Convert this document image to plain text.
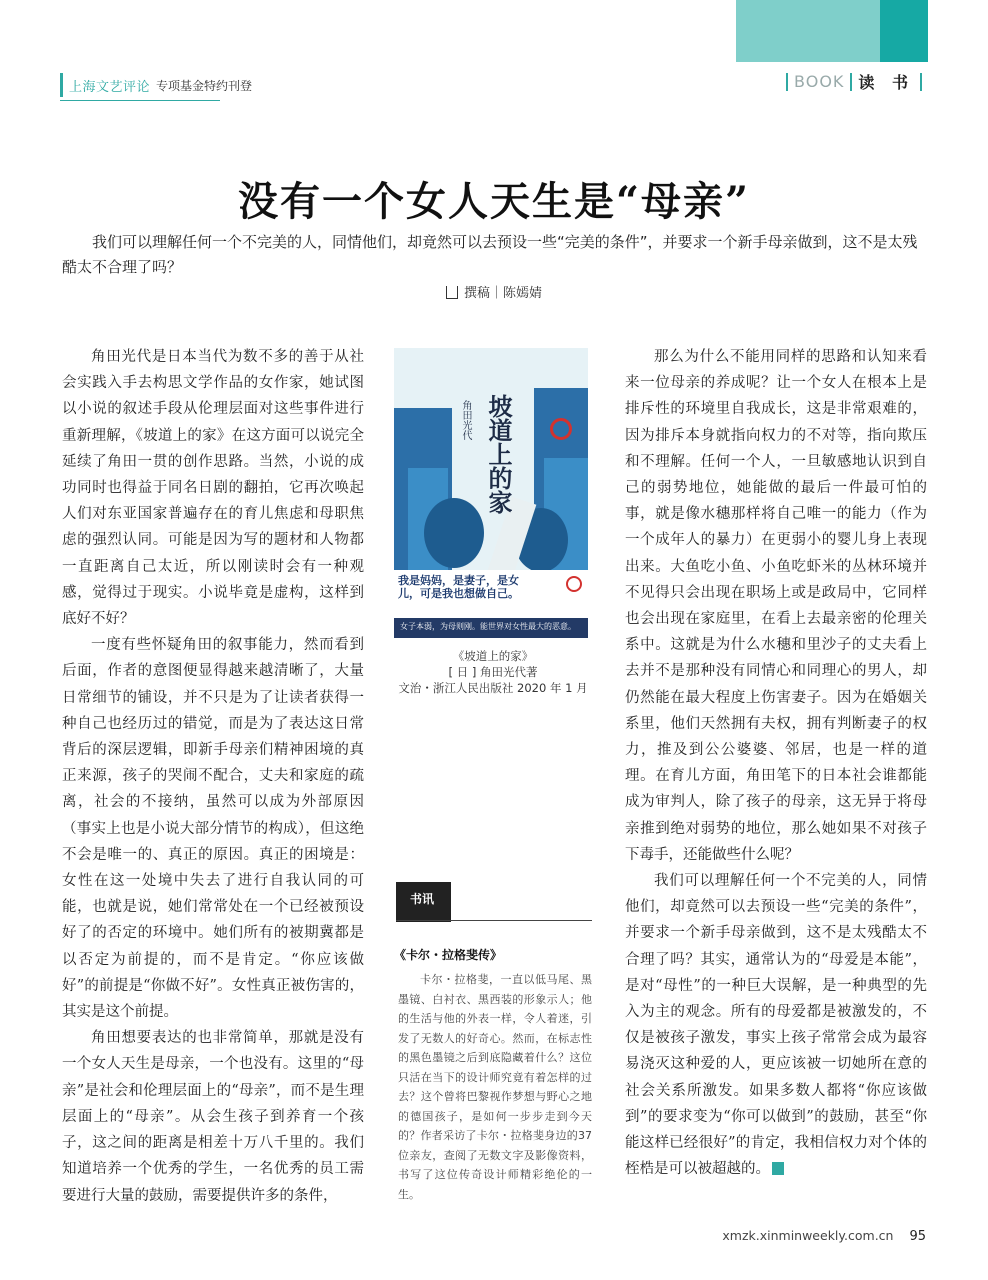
上海文艺评论 专项基金特约刊登	BOOK 读 书
没有一个女人天生是“母亲”
我们可以理解任何一个不完美的人，同情他们，却竟然可以去预设一些“完美的条件”，并要求一个新手母亲做到，这不是太残酷太不合理了吗？
撰稿｜陈嫣婧

角田光代是日本当代为数不多的善于从社会实践入手去构思文学作品的女作家，她试图以小说的叙述手段从伦理层面对这些事件进行重新理解，《坡道上的家》在这方面可以说完全延续了角田一贯的创作思路。当然，小说的成功同时也得益于同名日剧的翻拍，它再次唤起人们对东亚国家普遍存在的育儿焦虑和母职焦虑的强烈认同。可能是因为写的题材和人物都一直距离自己太近，所以刚读时会有一种观感，觉得过于现实。小说毕竟是虚构，这样到底好不好？

一度有些怀疑角田的叙事能力，然而看到后面，作者的意图便显得越来越清晰了，大量日常细节的铺设，并不只是为了让读者获得一种自己也经历过的错觉，而是为了表达这日常背后的深层逻辑，即新手母亲们精神困境的真正来源，孩子的哭闹不配合，丈夫和家庭的疏离，社会的不接纳，虽然可以成为外部原因（事实上也是小说大部分情节的构成），但这绝不会是唯一的、真正的原因。真正的困境是：女性在这一处境中失去了进行自我认同的可能，也就是说，她们常常处在一个已经被预设好了的否定的环境中。她们所有的被期冀都是以否定为前提的，而不是肯定。“你应该做好”的前提是“你做不好”。女性真正被伤害的，其实是这个前提。

角田想要表达的也非常简单，那就是没有一个女人天生是母亲，一个也没有。这里的“母亲”是社会和伦理层面上的“母亲”，而不是生理层面上的“母亲”。从会生孩子到养育一个孩子，这之间的距离是相差十万八千里的。我们知道培养一个优秀的学生，一名优秀的员工需要进行大量的鼓励，需要提供许多的条件，

坡道上的家
角田光代
我是妈妈，是妻子，是女儿，可是我也想做自己。
女子本弱，为母则刚。能世界对女性最大的恶意。
《坡道上的家》
[ 日 ] 角田光代著
文治・浙江人民出版社 2020 年 1 月
书讯
《卡尔・拉格斐传》
卡尔・拉格斐，一直以低马尾、黑墨镜、白衬衣、黑西装的形象示人；他的生活与他的外表一样，令人着迷，引发了无数人的好奇心。然而，在标志性的黑色墨镜之后到底隐藏着什么？这位只活在当下的设计师究竟有着怎样的过去？这个曾将巴黎视作梦想与野心之地的德国孩子，是如何一步步走到今天的？作者采访了卡尔・拉格斐身边的37位亲友，查阅了无数文字及影像资料，书写了这位传奇设计师精彩绝伦的一生。

那么为什么不能用同样的思路和认知来看来一位母亲的养成呢？让一个女人在根本上是排斥性的环境里自我成长，这是非常艰难的，因为排斥本身就指向权力的不对等，指向欺压和不理解。任何一个人，一旦敏感地认识到自己的弱势地位，她能做的最后一件最可怕的事，就是像水穗那样将自己唯一的能力（作为一个成年人的暴力）在更弱小的婴儿身上表现出来。大鱼吃小鱼、小鱼吃虾米的丛林环境并不见得只会出现在职场上或是政局中，它同样也会出现在家庭里，在看上去最亲密的伦理关系中。这就是为什么水穗和里沙子的丈夫看上去并不是那种没有同情心和同理心的男人，却仍然能在最大程度上伤害妻子。因为在婚姻关系里，他们天然拥有夫权，拥有判断妻子的权力，推及到公公婆婆、邻居，也是一样的道理。在育儿方面，角田笔下的日本社会谁都能成为审判人，除了孩子的母亲，这无异于将母亲推到绝对弱势的地位，那么她如果不对孩子下毒手，还能做些什么呢？

我们可以理解任何一个不完美的人，同情他们，却竟然可以去预设一些“完美的条件”，并要求一个新手母亲做到，这不是太残酷太不合理了吗？其实，通常认为的“母爱是本能”，是对“母性”的一种巨大误解，是一种典型的先入为主的观念。所有的母爱都是被激发的，不仅是被孩子激发，事实上孩子常常会成为最容易浇灭这种爱的人，更应该被一切她所在意的社会关系所激发。如果多数人都将“你应该做到”的要求变为“你可以做到”的鼓励，甚至“你能这样已经很好”的肯定，我相信权力对个体的桎梏是可以被超越的。

xmzk.xinminweekly.com.cn 95
